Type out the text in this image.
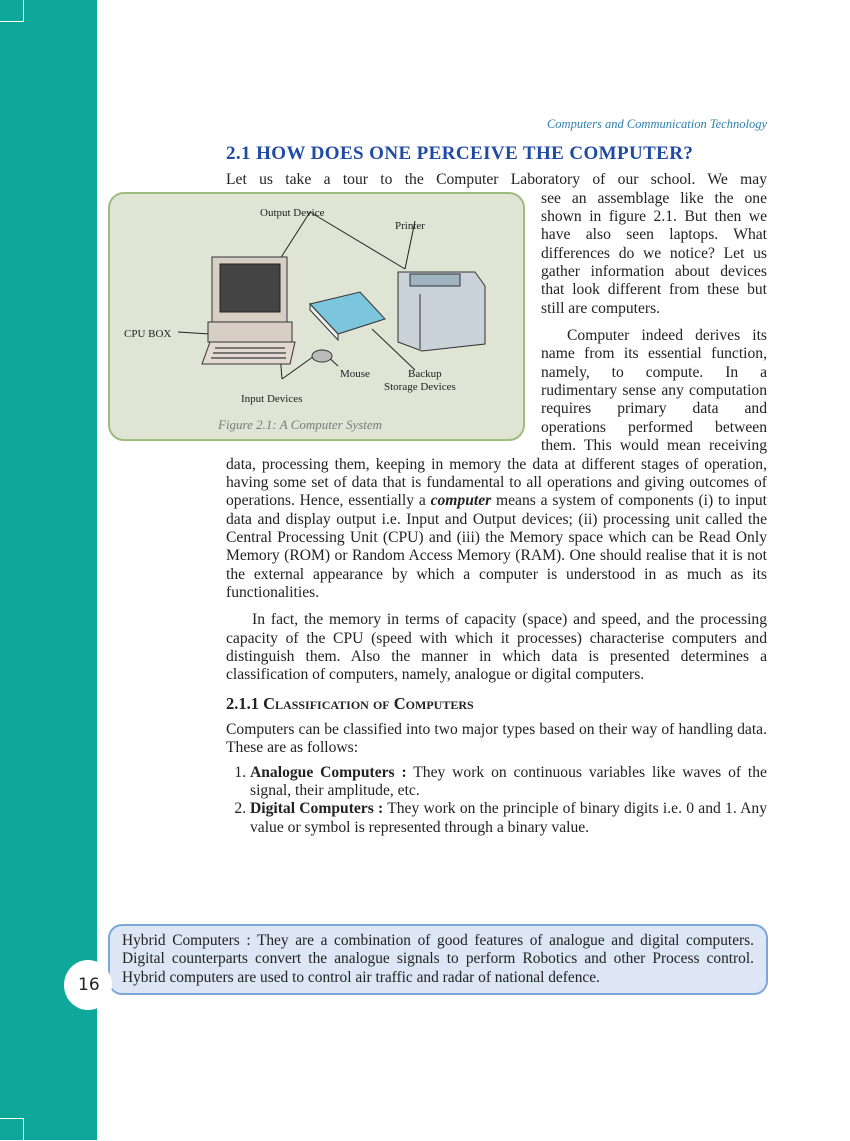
Computers and Communication Technology
2.1 HOW DOES ONE PERCEIVE THE COMPUTER?

Let us take a tour to the Computer Laboratory of our school. We may

Output Device
Printer
CPU BOX
Mouse	Backup
Storage Devices
Input Devices
Figure 2.1: A Computer System

see an assemblage like the one shown in figure 2.1. But then we have also seen laptops. What differences do we notice? Let us gather information about devices that look different from these but still are computers.

Computer indeed derives its name from its essential function, namely, to compute. In a rudimentary sense any computation requires primary data and operations performed between them. This would mean receiving data, processing them, keeping in memory the data at different stages of operation, having some set of data that is fundamental to all operations and giving outcomes of operations. Hence, essentially a computer means a system of components (i) to input data and display output i.e. Input and Output devices; (ii) processing unit called the Central Processing Unit (CPU) and (iii) the Memory space which can be Read Only Memory (ROM) or Random Access Memory (RAM). One should realise that it is not the external appearance by which a computer is understood in as much as its functionalities.

In fact, the memory in terms of capacity (space) and speed, and the processing capacity of the CPU (speed with which it processes) characterise computers and distinguish them. Also the manner in which data is presented determines a classification of computers, namely, analogue or digital computers.

2.1.1 Classification of Computers

Computers can be classified into two major types based on their way of handling data. These are as follows:

1. Analogue Computers : They work on continuous variables like waves of the signal, their amplitude, etc.
2. Digital Computers : They work on the principle of binary digits i.e. 0 and 1. Any value or symbol is represented through a binary value.
Hybrid Computers : They are a combination of good features of analogue and digital computers. Digital counterparts convert the analogue signals to perform Robotics and other Process control. Hybrid computers are used to control air traffic and radar of national defence.
16
